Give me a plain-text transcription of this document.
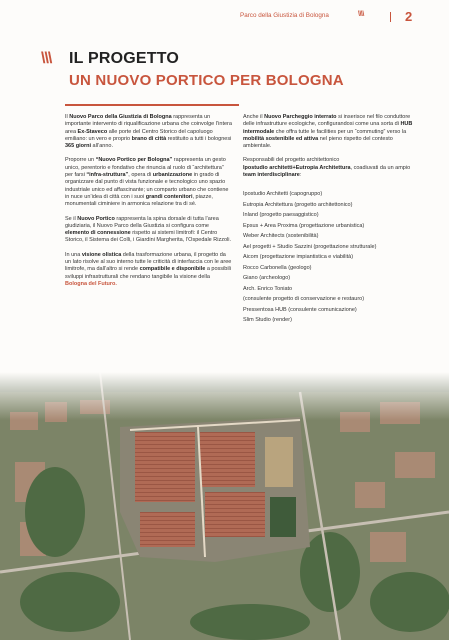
Parco della Giustizia di Bologna	\\\\	2
\\\ IL PROGETTO
UN NUOVO PORTICO PER BOLOGNA

Il Nuovo Parco della Giustizia di Bologna rappresenta un importante intervento di riqualificazione urbana che coinvolge l’intera area Ex-Staveco alle porte del Centro Storico del capoluogo emiliano: un vero e proprio brano di città restituito a tutti i bolognesi 365 giorni all’anno.

Proporre un “Nuovo Portico per Bologna” rappresenta un gesto unico, perentorio e fondativo che rinuncia al ruolo di “architettura” per farsi “infra-struttura”, opera di urbanizzazione in grado di organizzare dal punto di vista funzionale e tecnologico uno spazio industriale unico ed affascinante; un comparto urbano che contiene in nuce un’idea di città con i suoi grandi contenitori, piazze, monumentali ciminiere in armonica relazione tra di sé.

Se il Nuovo Portico rappresenta la spina dorsale di tutta l’area giudiziaria, il Nuovo Parco della Giustizia si configura come elemento di connessione rispetto ai sistemi limitrofi: il Centro Storico, il Sistema dei Colli, i Giardini Margherita, l’Ospedale Rizzoli.

In una visione olistica della trasformazione urbana, il progetto da un lato risolve al suo interno tutte le criticità di interfaccia con le aree limitrofe, ma dall’altro si rende compatibile e disponibile a possibili sviluppi infrastrutturali che rendano tangibile la visione della Bologna del Futuro.

Anche il Nuovo Parcheggio interrato si inserisce nel filo conduttore delle infrastrutture ecologiche, configurandosi come una sorta di HUB intermodale che offra tutte le facilities per un “commuting” verso la mobilità sostenibile ed attiva nel pieno rispetto del contesto ambientale.

Responsabili del progetto architettonico
Ipostudio architetti+Eutropia Architettura, coadiuvati da un ampio team interdisciplinare:

Ipostudio Architetti (capogruppo)
Eutropia Architettura (progetto architettonico)
Inland (progetto paesaggistico)
Epsus + Area Proxima (progettazione urbanistica)
Weber Architects (sostenibilità)
Ael progetti + Studio Sazzini (progettazione strutturale)
Aicom (progettazione impiantistica e viabilità)
Rocco Carbonella (geologo)
Giano (archeologo)
Arch. Enrico Toniato
(consulente progetto di conservazione e restauro)
Pressentosa HUB (consulente comunicazione)
Slim Studio (render)
